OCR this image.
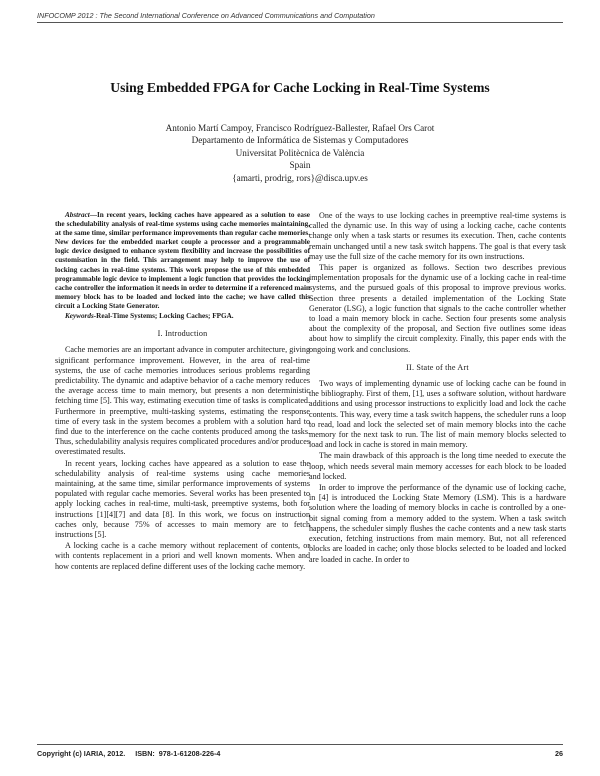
INFOCOMP 2012 : The Second International Conference on Advanced Communications and Computation
Using Embedded FPGA for Cache Locking in Real-Time Systems
Antonio Martí Campoy, Francisco Rodríguez-Ballester, Rafael Ors Carot
Departamento de Informática de Sistemas y Computadores
Universitat Politècnica de València
Spain
{amarti, prodrig, rors}@disca.upv.es

Abstract—In recent years, locking caches have appeared as a solution to ease the schedulability analysis of real-time systems using cache memories maintaining, at the same time, similar performance improvements than regular cache memories. New devices for the embedded market couple a processor and a programmable logic device designed to enhance system flexibility and increase the possibilities of customisation in the field. This arrangement may help to improve the use of locking caches in real-time systems. This work propose the use of this embedded programmable logic device to implement a logic function that provides the locking cache controller the information it needs in order to determine if a referenced main memory block has to be loaded and locked into the cache; we have called this circuit a Locking State Generator.

Keywords-Real-Time Systems; Locking Caches; FPGA.

I. Introduction

Cache memories are an important advance in computer architecture, giving significant performance improvement. However, in the area of real-time systems, the use of cache memories introduces serious problems regarding predictability. The dynamic and adaptive behavior of a cache memory reduces the average access time to main memory, but presents a non deterministic fetching time [5]. This way, estimating execution time of tasks is complicated. Furthermore in preemptive, multi-tasking systems, estimating the response time of every task in the system becomes a problem with a solution hard to find due to the interference on the cache contents produced among the tasks. Thus, schedulability analysis requires complicated procedures and/or produces overestimated results.

In recent years, locking caches have appeared as a solution to ease the schedulability analysis of real-time systems using cache memories maintaining, at the same time, similar performance improvements of systems populated with regular cache memories. Several works has been presented to apply locking caches in real-time, multi-task, preemptive systems, both for instructions [1][4][7] and data [8]. In this work, we focus on instruction caches only, because 75% of accesses to main memory are to fetch instructions [5].

A locking cache is a cache memory without replacement of contents, or with contents replacement in a priori and well known moments. When and how contents are replaced define different uses of the locking cache memory.

One of the ways to use locking caches in preemptive real-time systems is called the dynamic use. In this way of using a locking cache, cache contents change only when a task starts or resumes its execution. Then, cache contents remain unchanged until a new task switch happens. The goal is that every task may use the full size of the cache memory for its own instructions.

This paper is organized as follows. Section two describes previous implementation proposals for the dynamic use of a locking cache in real-time systems, and the pursued goals of this proposal to improve previous works. Section three presents a detailed implementation of the Locking State Generator (LSG), a logic function that signals to the cache controller whether to load a main memory block in cache. Section four presents some analysis about the complexity of the proposal, and Section five outlines some ideas about how to simplify the circuit complexity. Finally, this paper ends with the ongoing work and conclusions.

II. State of the Art

Two ways of implementing dynamic use of locking cache can be found in the bibliography. First of them, [1], uses a software solution, without hardware additions and using processor instructions to explicitly load and lock the cache contents. This way, every time a task switch happens, the scheduler runs a loop to read, load and lock the selected set of main memory blocks into the cache memory for the next task to run. The list of main memory blocks selected to load and lock in cache is stored in main memory.

The main drawback of this approach is the long time needed to execute the loop, which needs several main memory accesses for each block to be loaded and locked.

In order to improve the performance of the dynamic use of locking cache, in [4] is introduced the Locking State Memory (LSM). This is a hardware solution where the loading of memory blocks in cache is controlled by a one-bit signal coming from a memory added to the system. When a task switch happens, the scheduler simply flushes the cache contents and a new task starts execution, fetching instructions from main memory. But, not all referenced blocks are loaded in cache; only those blocks selected to be loaded and locked are loaded in cache. In order to

Copyright (c) IARIA, 2012.     ISBN:  978-1-61208-226-4	26
